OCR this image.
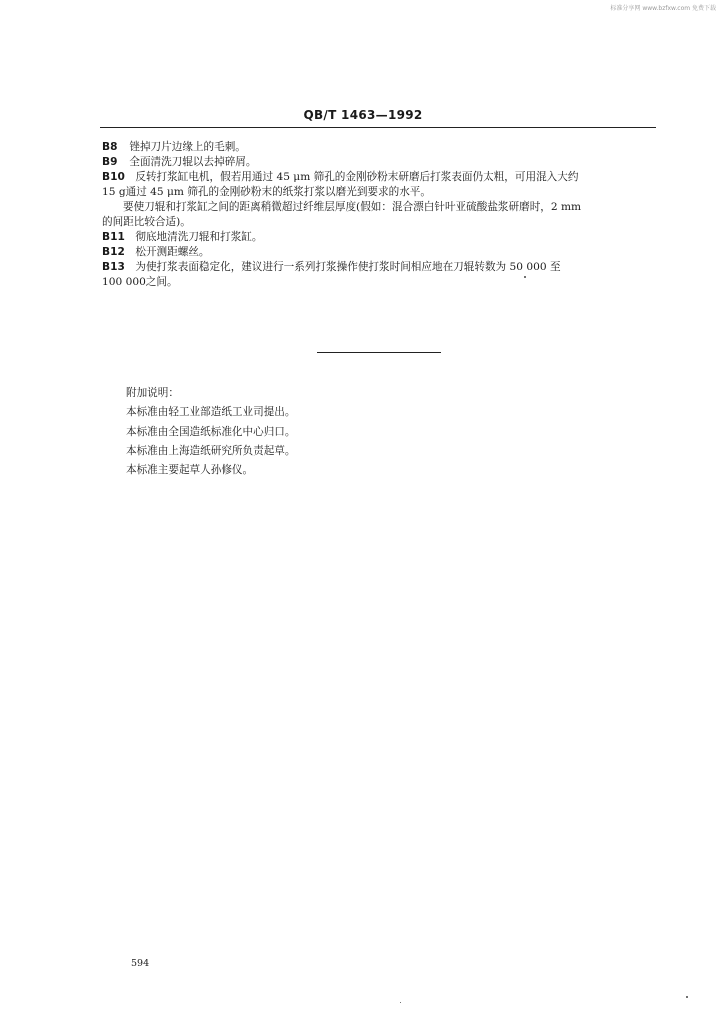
标准分享网 www.bzfxw.com 免费下载
QB/T 1463—1992
B8 锉掉刀片边缘上的毛刺。
B9 全面清洗刀辊以去掉碎屑。
B10 反转打浆缸电机，假若用通过 45 μm 筛孔的金刚砂粉末研磨后打浆表面仍太粗，可用混入大约
15 g通过 45 μm 筛孔的金刚砂粉末的纸浆打浆以磨光到要求的水平。
要使刀辊和打浆缸之间的距离稍微超过纤维层厚度(假如：混合漂白针叶亚硫酸盐浆研磨时，2 mm
的间距比较合适)。
B11 彻底地清洗刀辊和打浆缸。
B12 松开测距螺丝。
B13 为使打浆表面稳定化，建议进行一系列打浆操作使打浆时间相应地在刀辊转数为 50 000 至
100 000之间。
附加说明：
本标准由轻工业部造纸工业司提出。
本标准由全国造纸标准化中心归口。
本标准由上海造纸研究所负责起草。
本标准主要起草人孙修仪。
594
